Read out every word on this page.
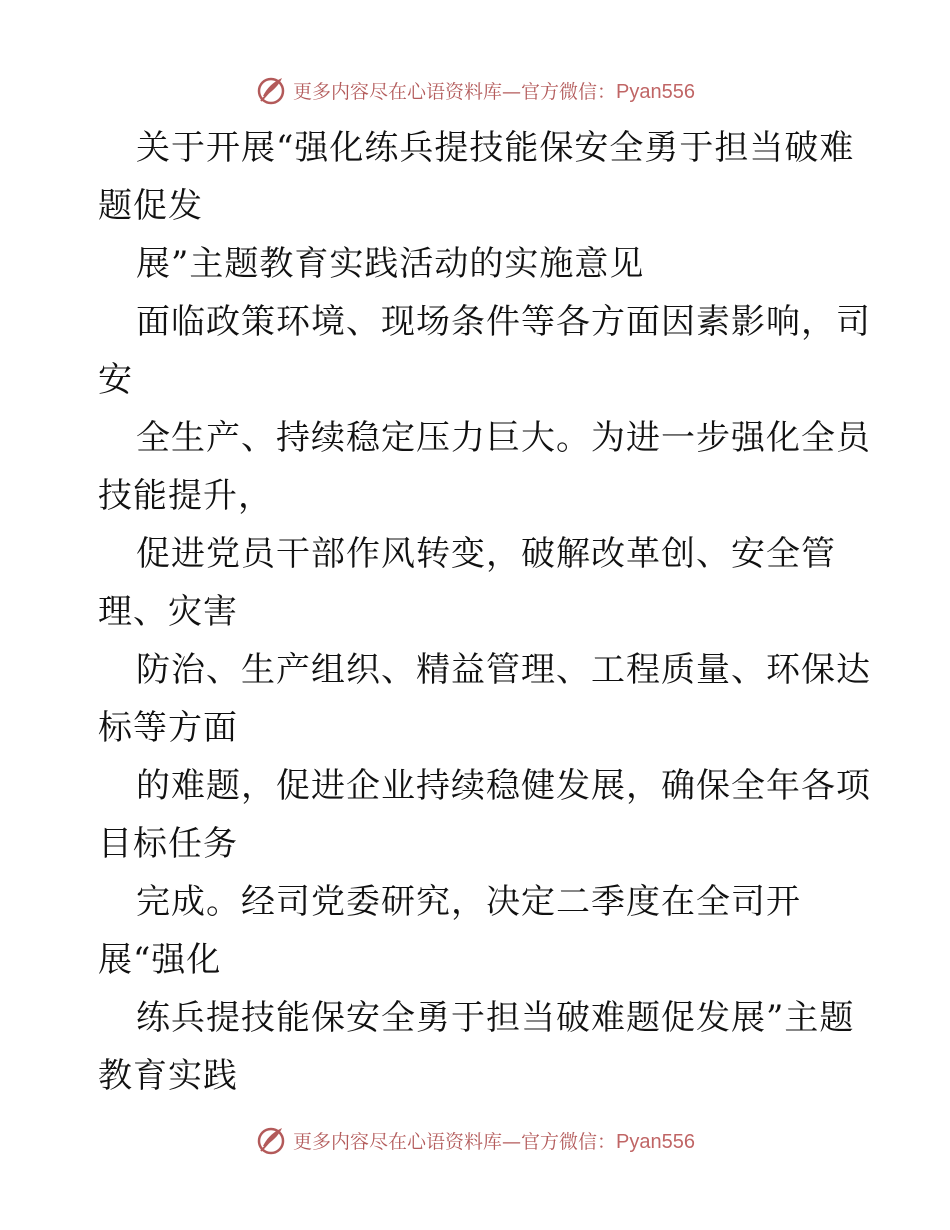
更多内容尽在心语资料库—官方微信：Pyan556
关于开展“强化练兵提技能保安全勇于担当破难
题促发
展”主题教育实践活动的实施意见
面临政策环境、现场条件等各方面因素影响，司
安
全生产、持续稳定压力巨大。为进一步强化全员
技能提升，
促进党员干部作风转变，破解改革创、安全管
理、灾害
防治、生产组织、精益管理、工程质量、环保达
标等方面
的难题，促进企业持续稳健发展，确保全年各项
目标任务
完成。经司党委研究，决定二季度在全司开
展“强化
练兵提技能保安全勇于担当破难题促发展”主题
教育实践
更多内容尽在心语资料库—官方微信：Pyan556
